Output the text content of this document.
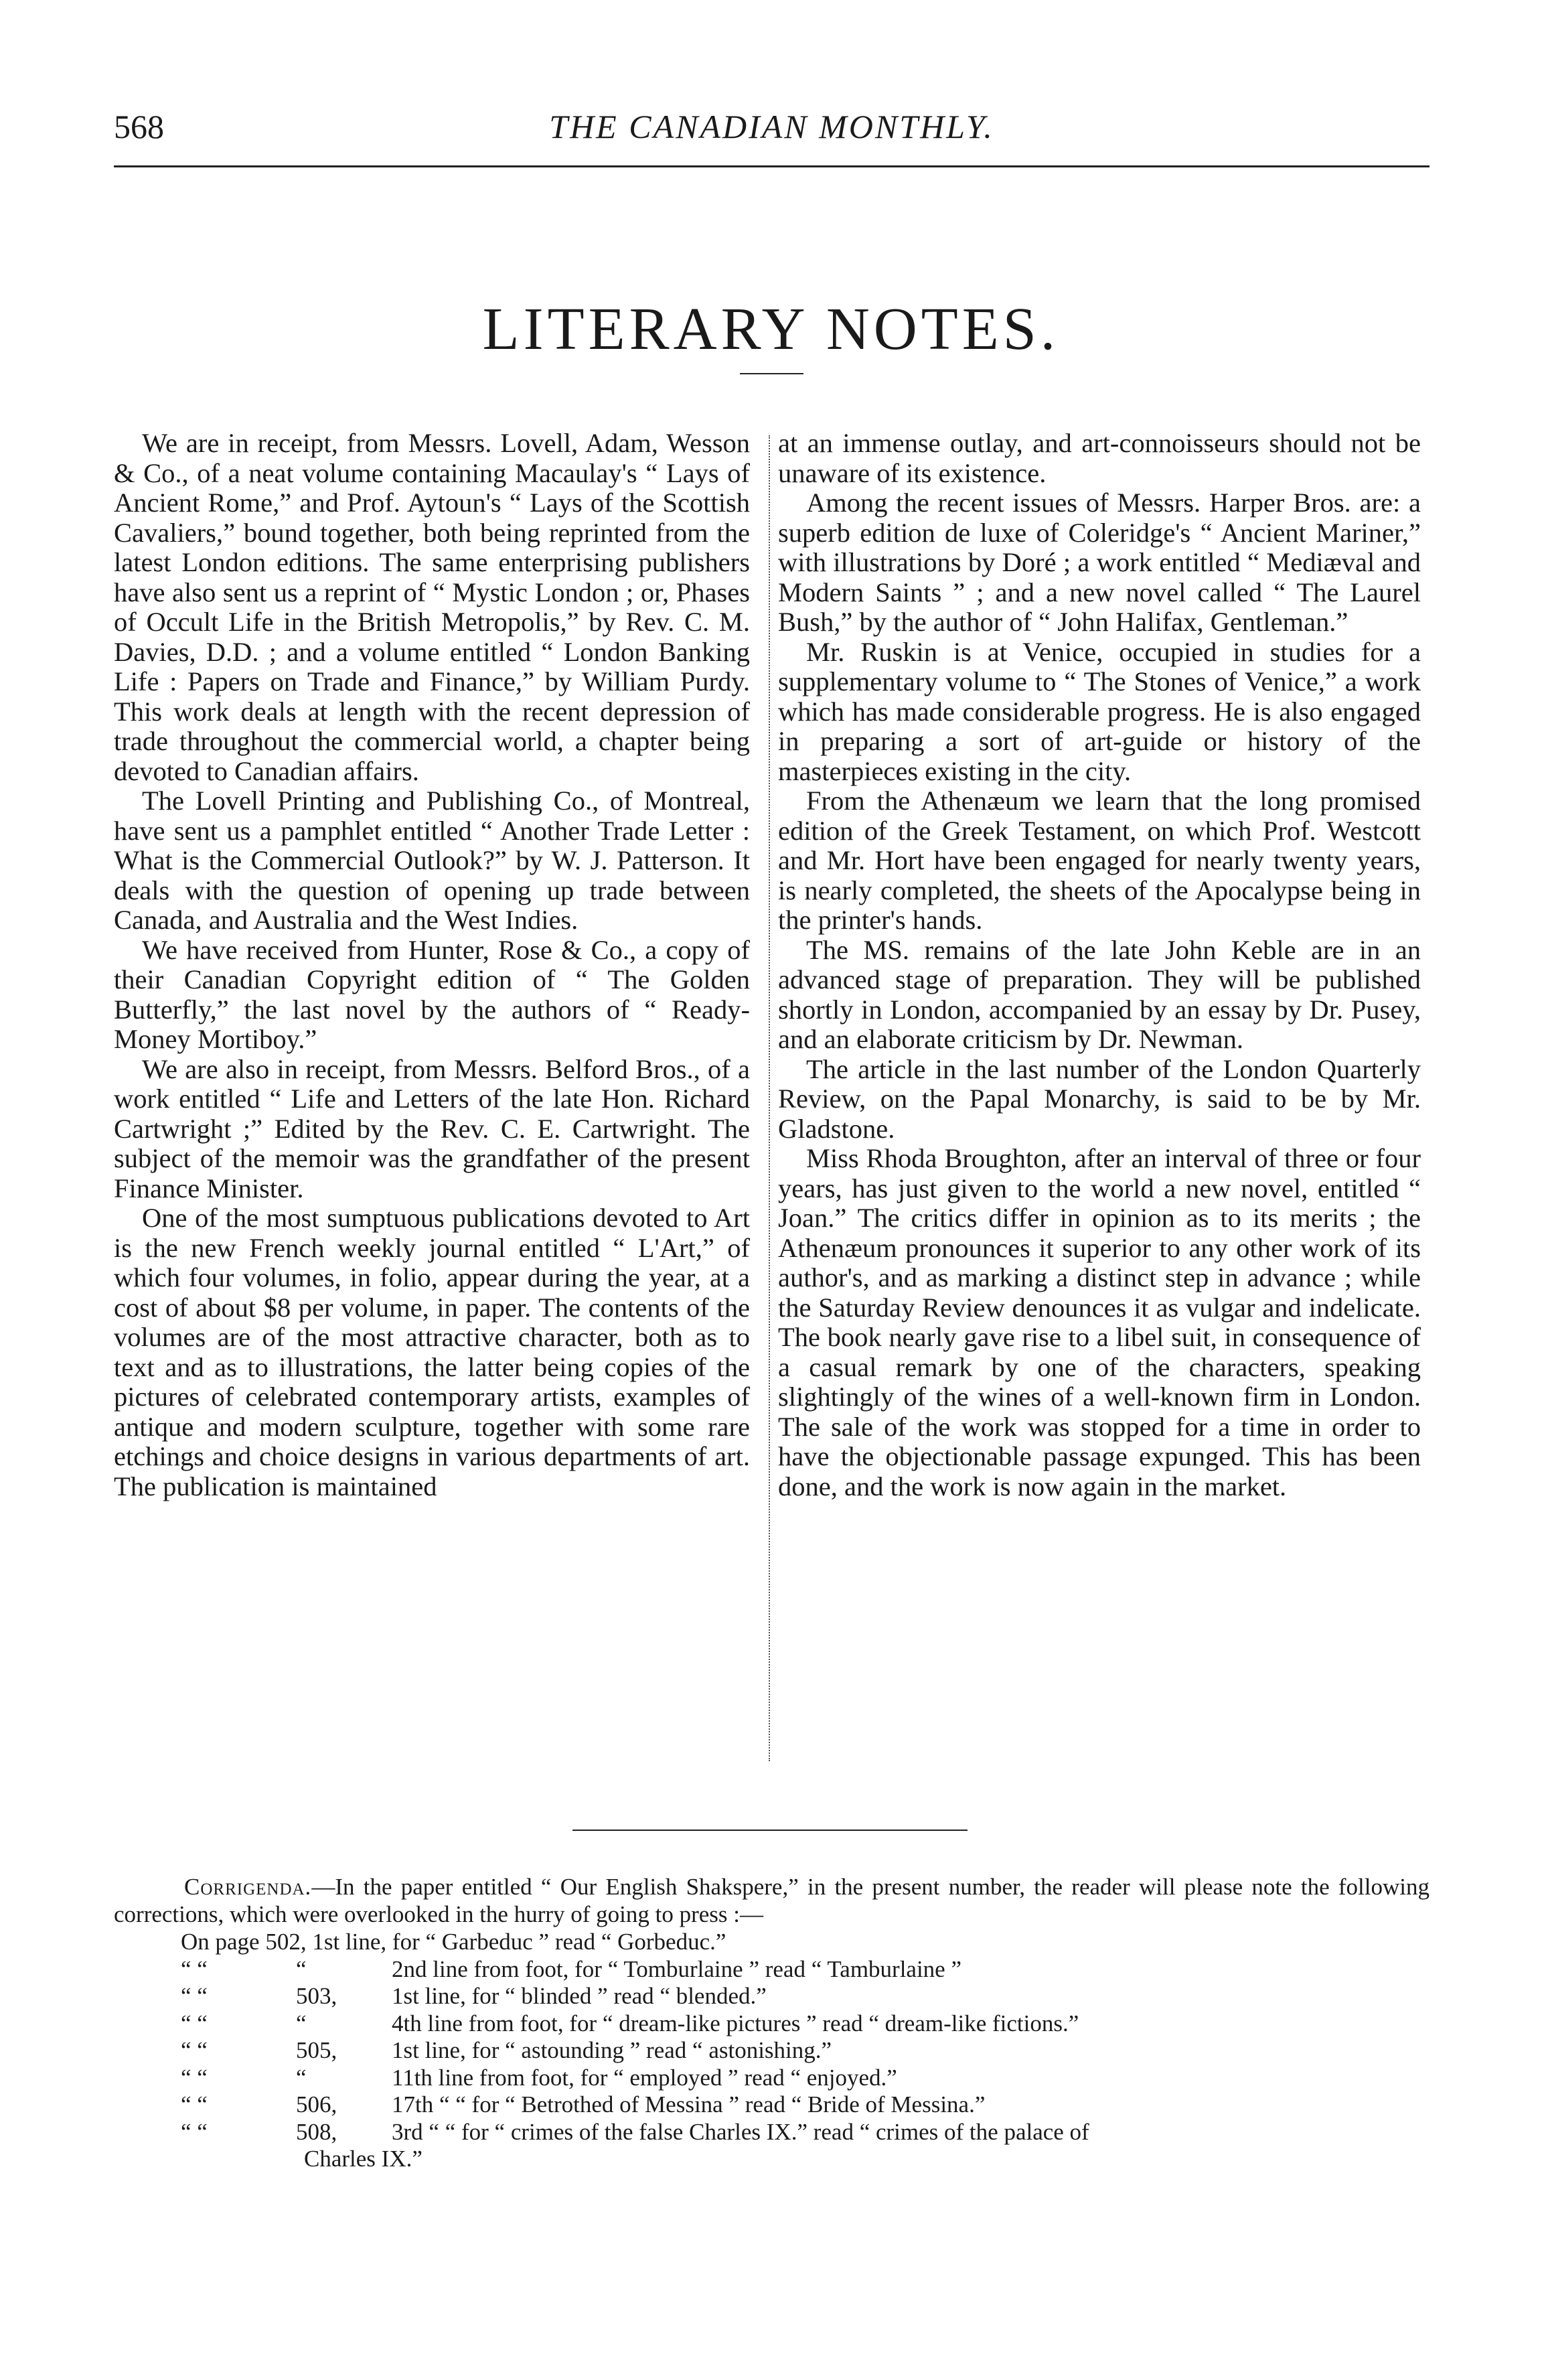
568	THE CANADIAN MONTHLY.
LITERARY NOTES.

We are in receipt, from Messrs. Lovell, Adam, Wesson & Co., of a neat volume containing Macaulay's “ Lays of Ancient Rome,” and Prof. Aytoun's “ Lays of the Scottish Cavaliers,” bound together, both being reprinted from the latest London editions. The same enterprising publishers have also sent us a reprint of “ Mystic London ; or, Phases of Occult Life in the British Metropolis,” by Rev. C. M. Davies, D.D. ; and a volume entitled “ London Banking Life : Papers on Trade and Finance,” by William Purdy. This work deals at length with the recent depression of trade throughout the commercial world, a chapter being devoted to Canadian affairs.

The Lovell Printing and Publishing Co., of Montreal, have sent us a pamphlet entitled “ Another Trade Letter : What is the Commercial Outlook?” by W. J. Patterson. It deals with the question of opening up trade between Canada, and Australia and the West Indies.

We have received from Hunter, Rose & Co., a copy of their Canadian Copyright edition of “ The Golden Butterfly,” the last novel by the authors of “ Ready-Money Mortiboy.”

We are also in receipt, from Messrs. Belford Bros., of a work entitled “ Life and Letters of the late Hon. Richard Cartwright ;” Edited by the Rev. C. E. Cartwright. The subject of the memoir was the grandfather of the present Finance Minister.

One of the most sumptuous publications devoted to Art is the new French weekly journal entitled “ L'Art,” of which four volumes, in folio, appear during the year, at a cost of about $8 per volume, in paper. The contents of the volumes are of the most attractive character, both as to text and as to illustrations, the latter being copies of the pictures of celebrated contemporary artists, examples of antique and modern sculpture, together with some rare etchings and choice designs in various departments of art. The publication is maintained

at an immense outlay, and art-connoisseurs should not be unaware of its existence.

Among the recent issues of Messrs. Harper Bros. are: a superb edition de luxe of Coleridge's “ Ancient Mariner,” with illustrations by Doré ; a work entitled “ Mediæval and Modern Saints ” ; and a new novel called “ The Laurel Bush,” by the author of “ John Halifax, Gentleman.”

Mr. Ruskin is at Venice, occupied in studies for a supplementary volume to “ The Stones of Venice,” a work which has made considerable progress. He is also engaged in preparing a sort of art-guide or history of the masterpieces existing in the city.

From the Athenæum we learn that the long promised edition of the Greek Testament, on which Prof. Westcott and Mr. Hort have been engaged for nearly twenty years, is nearly completed, the sheets of the Apocalypse being in the printer's hands.

The MS. remains of the late John Keble are in an advanced stage of preparation. They will be published shortly in London, accompanied by an essay by Dr. Pusey, and an elaborate criticism by Dr. Newman.

The article in the last number of the London Quarterly Review, on the Papal Monarchy, is said to be by Mr. Gladstone.

Miss Rhoda Broughton, after an interval of three or four years, has just given to the world a new novel, entitled “ Joan.” The critics differ in opinion as to its merits ; the Athenæum pronounces it superior to any other work of its author's, and as marking a distinct step in advance ; while the Saturday Review denounces it as vulgar and indelicate. The book nearly gave rise to a libel suit, in consequence of a casual remark by one of the characters, speaking slightingly of the wines of a well-known firm in London. The sale of the work was stopped for a time in order to have the objectionable passage expunged. This has been done, and the work is now again in the market.

Corrigenda.—In the paper entitled “ Our English Shakspere,” in the present number, the reader will please note the following corrections, which were overlooked in the hurry of going to press :—

On page 502, 1st line, for “ Garbeduc ” read “ Gorbeduc.”
“ “	“	2nd line from foot, for “ Tomburlaine ” read “ Tamburlaine ”
“ “	503, 1st line, for “ blinded ” read “ blended.”
“ “	“	4th line from foot, for “ dream-like pictures ” read “ dream-like fictions.”
“ “	505, 1st line, for “ astounding ” read “ astonishing.”
“ “	“	11th line from foot, for “ employed ” read “ enjoyed.”
“ “	506, 17th “ “ for “ Betrothed of Messina ” read “ Bride of Messina.”
“ “	508, 3rd “ “ for “ crimes of the false Charles IX.” read “ crimes of the palace of
Charles IX.”
